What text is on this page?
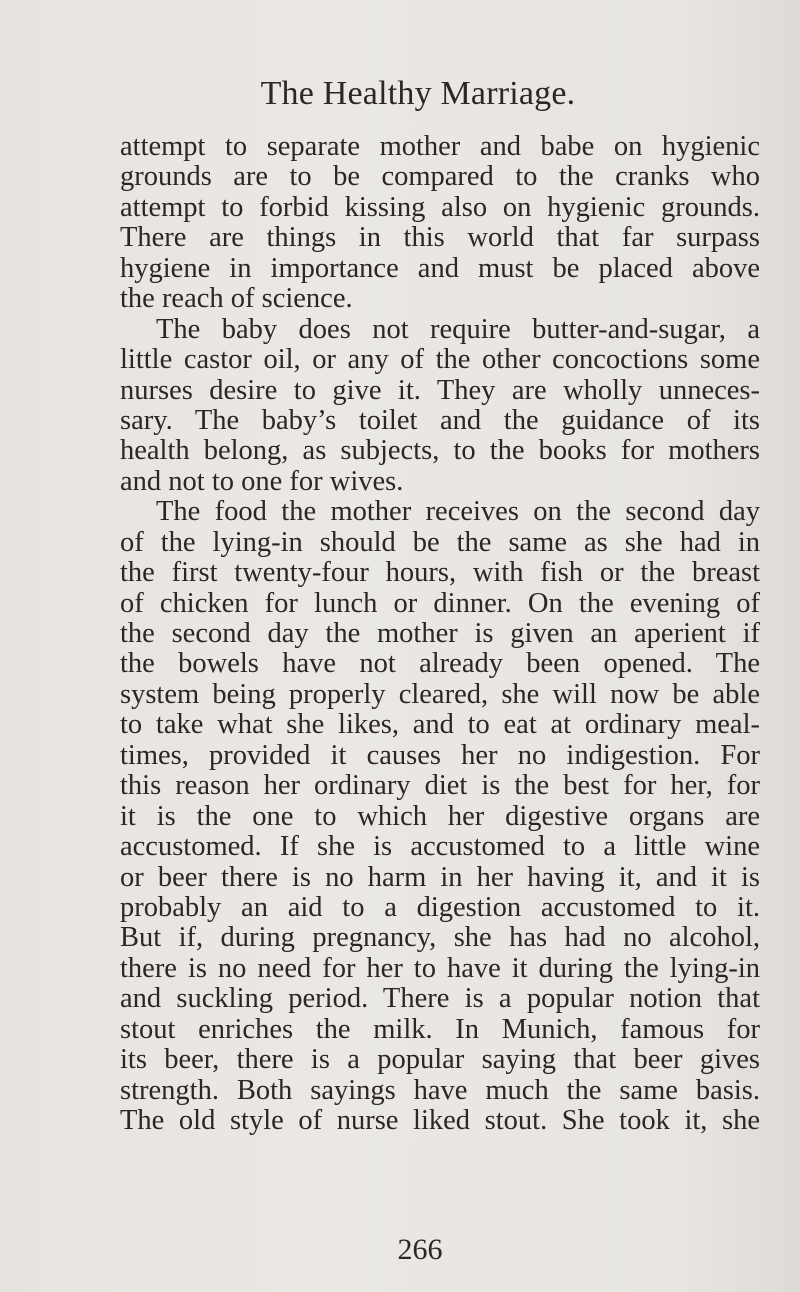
The Healthy Marriage.
attempt to separate mother and babe on hygienic
grounds are to be compared to the cranks who
attempt to forbid kissing also on hygienic grounds.
There are things in this world that far surpass
hygiene in importance and must be placed above
the reach of science.
The baby does not require butter-and-sugar, a
little castor oil, or any of the other concoctions some
nurses desire to give it. They are wholly unneces-
sary. The baby’s toilet and the guidance of its
health belong, as subjects, to the books for mothers
and not to one for wives.
The food the mother receives on the second day
of the lying-in should be the same as she had in
the first twenty-four hours, with fish or the breast
of chicken for lunch or dinner. On the evening of
the second day the mother is given an aperient if
the bowels have not already been opened. The
system being properly cleared, she will now be able
to take what she likes, and to eat at ordinary meal-
times, provided it causes her no indigestion. For
this reason her ordinary diet is the best for her, for
it is the one to which her digestive organs are
accustomed. If she is accustomed to a little wine
or beer there is no harm in her having it, and it is
probably an aid to a digestion accustomed to it.
But if, during pregnancy, she has had no alcohol,
there is no need for her to have it during the lying-in
and suckling period. There is a popular notion that
stout enriches the milk. In Munich, famous for
its beer, there is a popular saying that beer gives
strength. Both sayings have much the same basis.
The old style of nurse liked stout. She took it, she
266
